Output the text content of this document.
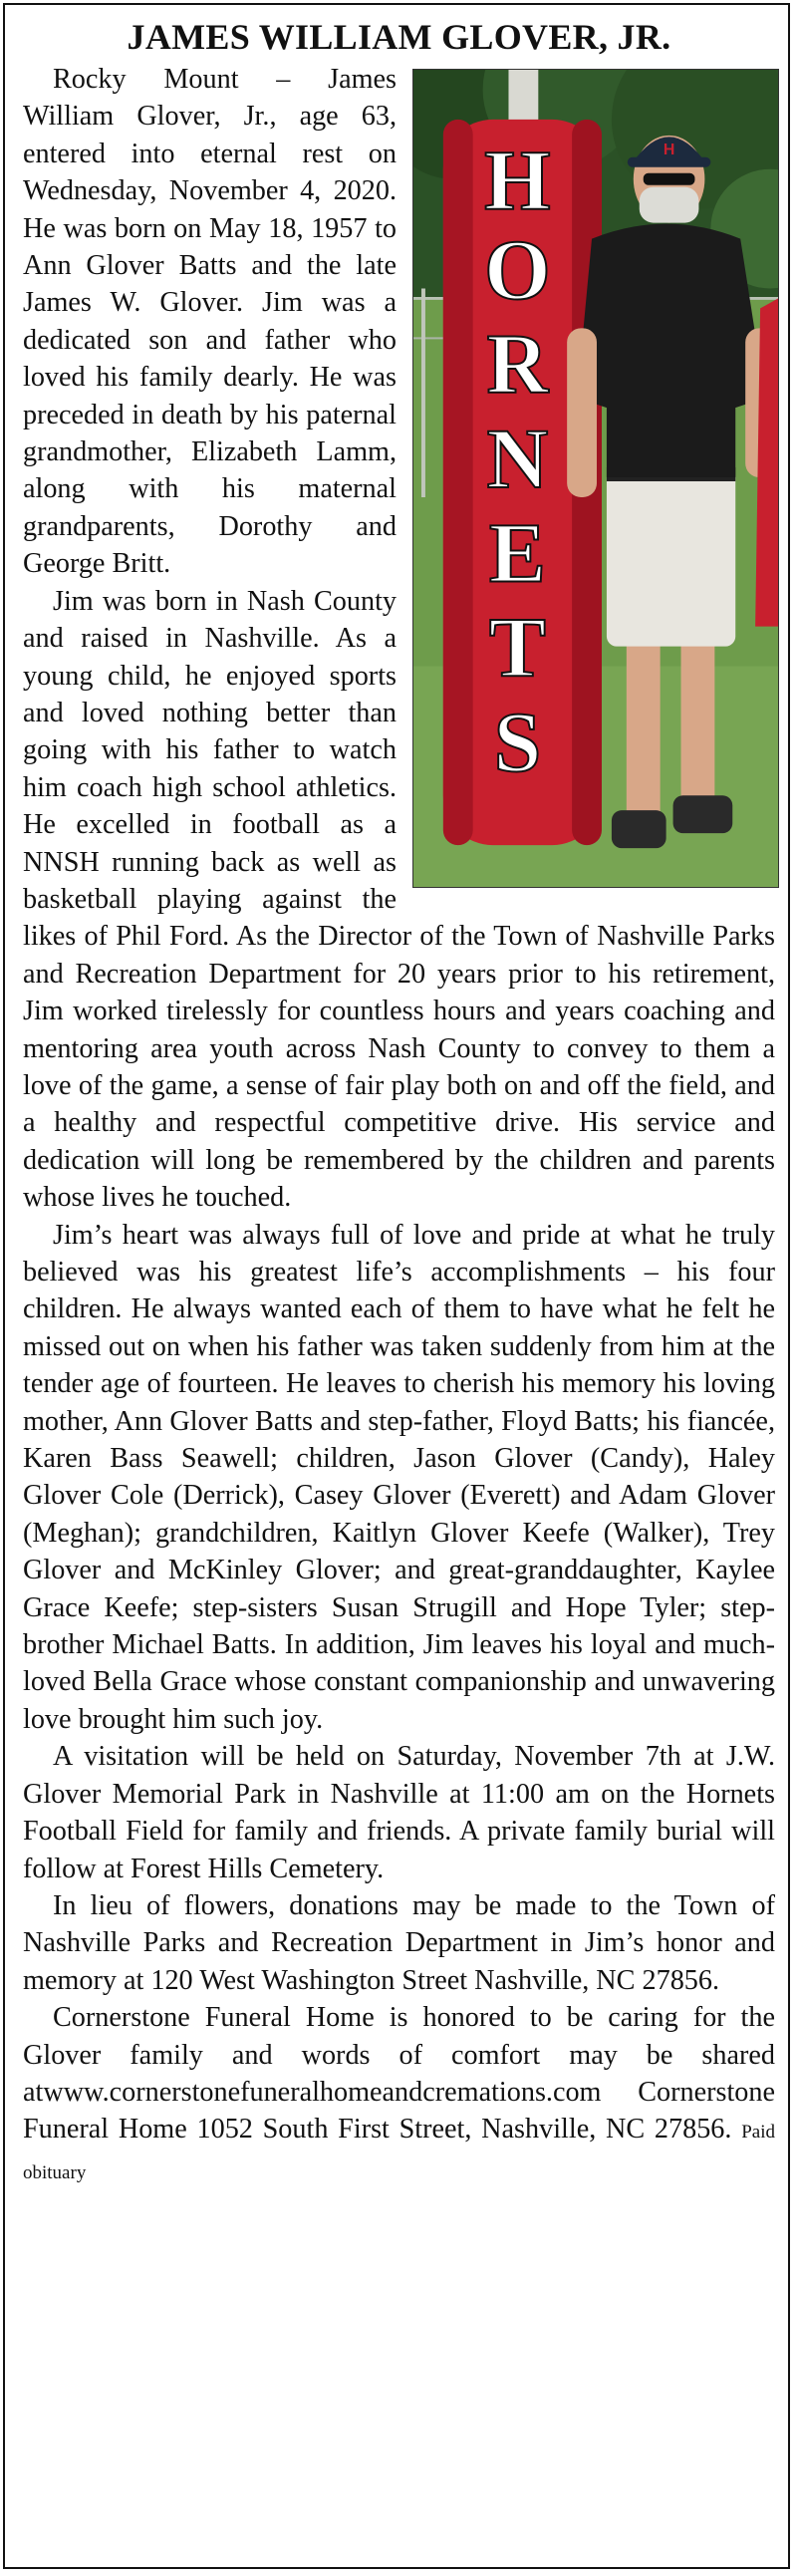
JAMES WILLIAM GLOVER, JR.
H
O
R
N
E
T
S
H

Rocky Mount – James William Glover, Jr., age 63, entered into eternal rest on Wednesday, November 4, 2020. He was born on May 18, 1957 to Ann Glover Batts and the late James W. Glover. Jim was a dedicated son and father who loved his family dearly. He was preceded in death by his paternal grandmother, Elizabeth Lamm, along with his maternal grandparents, Dorothy and George Britt.

Jim was born in Nash County and raised in Nashville. As a young child, he enjoyed sports and loved nothing better than going with his father to watch him coach high school athletics. He excelled in football as a NNSH running back as well as basketball playing against the likes of Phil Ford. As the Director of the Town of Nashville Parks and Recreation Department for 20 years prior to his retirement, Jim worked tirelessly for countless hours and years coaching and mentoring area youth across Nash County to convey to them a love of the game, a sense of fair play both on and off the field, and a healthy and respectful competitive drive. His service and dedication will long be remembered by the children and parents whose lives he touched.

Jim’s heart was always full of love and pride at what he truly believed was his greatest life’s accomplishments – his four children. He always wanted each of them to have what he felt he missed out on when his father was taken suddenly from him at the tender age of fourteen. He leaves to cherish his memory his loving mother, Ann Glover Batts and step-father, Floyd Batts; his fiancée, Karen Bass Seawell; children, Jason Glover (Candy), Haley Glover Cole (Derrick), Casey Glover (Everett) and Adam Glover (Meghan); grandchildren, Kaitlyn Glover Keefe (Walker), Trey Glover and McKinley Glover; and great-granddaughter, Kaylee Grace Keefe; step-sisters Susan Strugill and Hope Tyler; step-brother Michael Batts. In addition, Jim leaves his loyal and much-loved Bella Grace whose constant companionship and unwavering love brought him such joy.

A visitation will be held on Saturday, November 7th at J.W. Glover Memorial Park in Nashville at 11:00 am on the Hornets Football Field for family and friends. A private family burial will follow at Forest Hills Cemetery.

In lieu of flowers, donations may be made to the Town of Nashville Parks and Recreation Department in Jim’s honor and memory at 120 West Washington Street Nashville, NC 27856.

Cornerstone Funeral Home is honored to be caring for the Glover family and words of comfort may be shared atwww.cornerstonefuneralhomeandcremations.com Cornerstone Funeral Home 1052 South First Street, Nashville, NC 27856. Paid obituary
